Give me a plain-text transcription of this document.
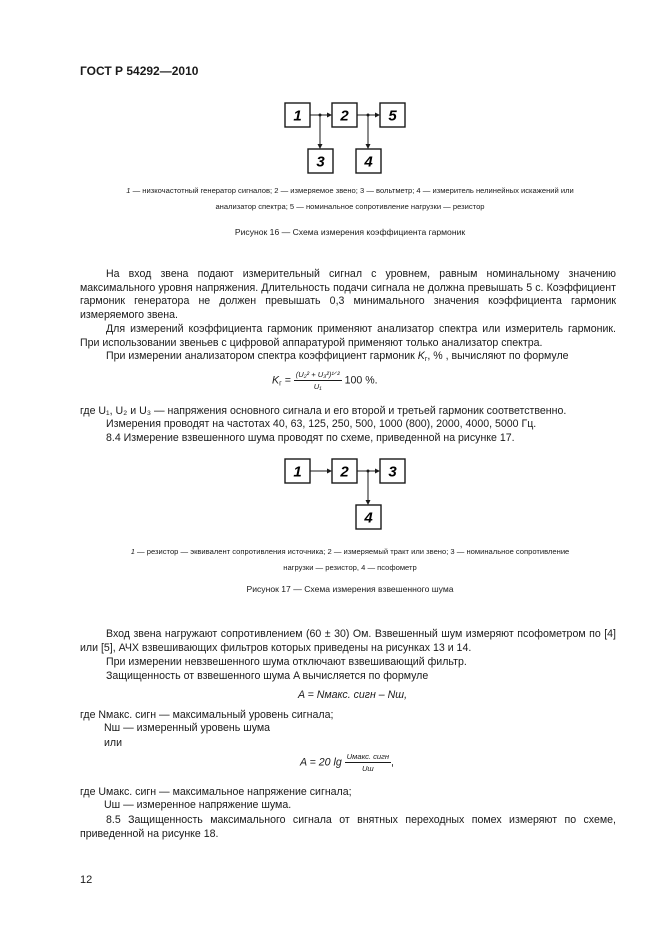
ГОСТ Р 54292—2010
1	2	5
3	4
1 — низкочастотный генератор сигналов; 2 — измеряемое звено; 3 — вольтметр; 4 — измеритель нелинейных искажений или
анализатор спектра; 5 — номинальное сопротивление нагрузки — резистор
Рисунок 16 — Схема измерения коэффициента гармоник
На вход звена подают измерительный сигнал с уровнем, равным номинальному значению максимального уровня напряжения. Длительность подачи сигнала не должна превышать 5 с. Коэффициент гармоник генератора не должен превышать 0,3 минимального значения коэффициента гармоник измеряемого звена.
Для измерений коэффициента гармоник применяют анализатор спектра или измеритель гармоник. При использовании звеньев с цифровой аппаратурой применяют только анализатор спектра.
При измерении анализатором спектра коэффициент гармоник $K_г$, % , вычисляют по формуле
$K_г = \frac{\text{(U₂² + U₃²)¹ᐟ²}}{\text{U₁}} 100$ %.
где U₁, U₂ и U₃ — напряжения основного сигнала и его второй и третьей гармоник соответственно.
Измерения проводят на частотах 40, 63, 125, 250, 500, 1000 (800), 2000, 4000, 5000 Гц.
8.4 Измерение взвешенного шума проводят по схеме, приведенной на рисунке 17.
1	2	3
4
1 — резистор — эквивалент сопротивления источника; 2 — измеряемый тракт или звено; 3 — номинальное сопротивление
нагрузки — резистор, 4 — псофометр
Рисунок 17 — Схема измерения взвешенного шума
Вход звена нагружают сопротивлением (60 ± 30) Ом. Взвешенный шум измеряют псофометром по [4] или [5], АЧХ взвешивающих фильтров которых приведены на рисунках 13 и 14.
При измерении невзвешенного шума отключают взвешивающий фильтр.
Защищенность от взвешенного шума A вычисляется по формуле
A = Nмакс. сигн – Nш,
где Nмакс. сигн — максимальный уровень сигнала;
Nш — измеренный уровень шума
или
A = 20 $\lg \frac{\text{Uмакс. сигн}}{Uш}$ ,
где Uмакс. сигн — максимальное напряжение сигнала;
Uш — измеренное напряжение шума.
8.5 Защищенность максимального сигнала от внятных переходных помех измеряют по схеме, приведенной на рисунке 18.
12
